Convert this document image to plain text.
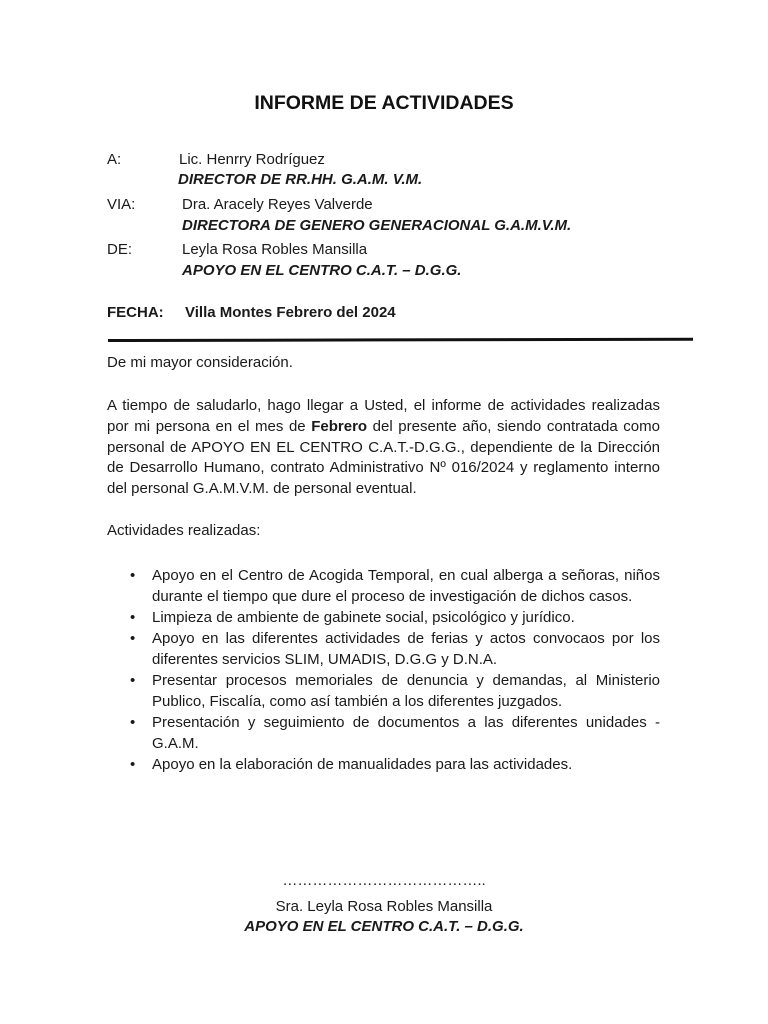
INFORME DE ACTIVIDADES
A:	Lic. Henrry Rodríguez
DIRECTOR DE RR.HH. G.A.M. V.M.
VIA:	Dra. Aracely Reyes Valverde
DIRECTORA DE GENERO GENERACIONAL G.A.M.V.M.
DE:	Leyla Rosa Robles Mansilla
APOYO EN EL CENTRO C.A.T. – D.G.G.
FECHA: Villa Montes Febrero del 2024
De mi mayor consideración.
A tiempo de saludarlo, hago llegar a Usted, el informe de actividades realizadas
por mi persona en el mes de Febrero del presente año, siendo contratada como
personal de APOYO EN EL CENTRO C.A.T.-D.G.G., dependiente de la Dirección
de Desarrollo Humano, contrato Administrativo Nº 016/2024 y reglamento interno
del personal G.A.M.V.M. de personal eventual.
Actividades realizadas:
• Apoyo en el Centro de Acogida Temporal, en cual alberga a señoras, niños
durante el tiempo que dure el proceso de investigación de dichos casos.
• Limpieza de ambiente de gabinete social, psicológico y jurídico.
• Apoyo en las diferentes actividades de ferias y actos convocaos por los
diferentes servicios SLIM, UMADIS, D.G.G y D.N.A.
• Presentar procesos memoriales de denuncia y demandas, al Ministerio
Publico, Fiscalía, como así también a los diferentes juzgados.
• Presentación y seguimiento de documentos a las diferentes unidades -
G.A.M.
• Apoyo en la elaboración de manualidades para las actividades.
…………………………………..
Sra. Leyla Rosa Robles Mansilla
APOYO EN EL CENTRO C.A.T. – D.G.G.
